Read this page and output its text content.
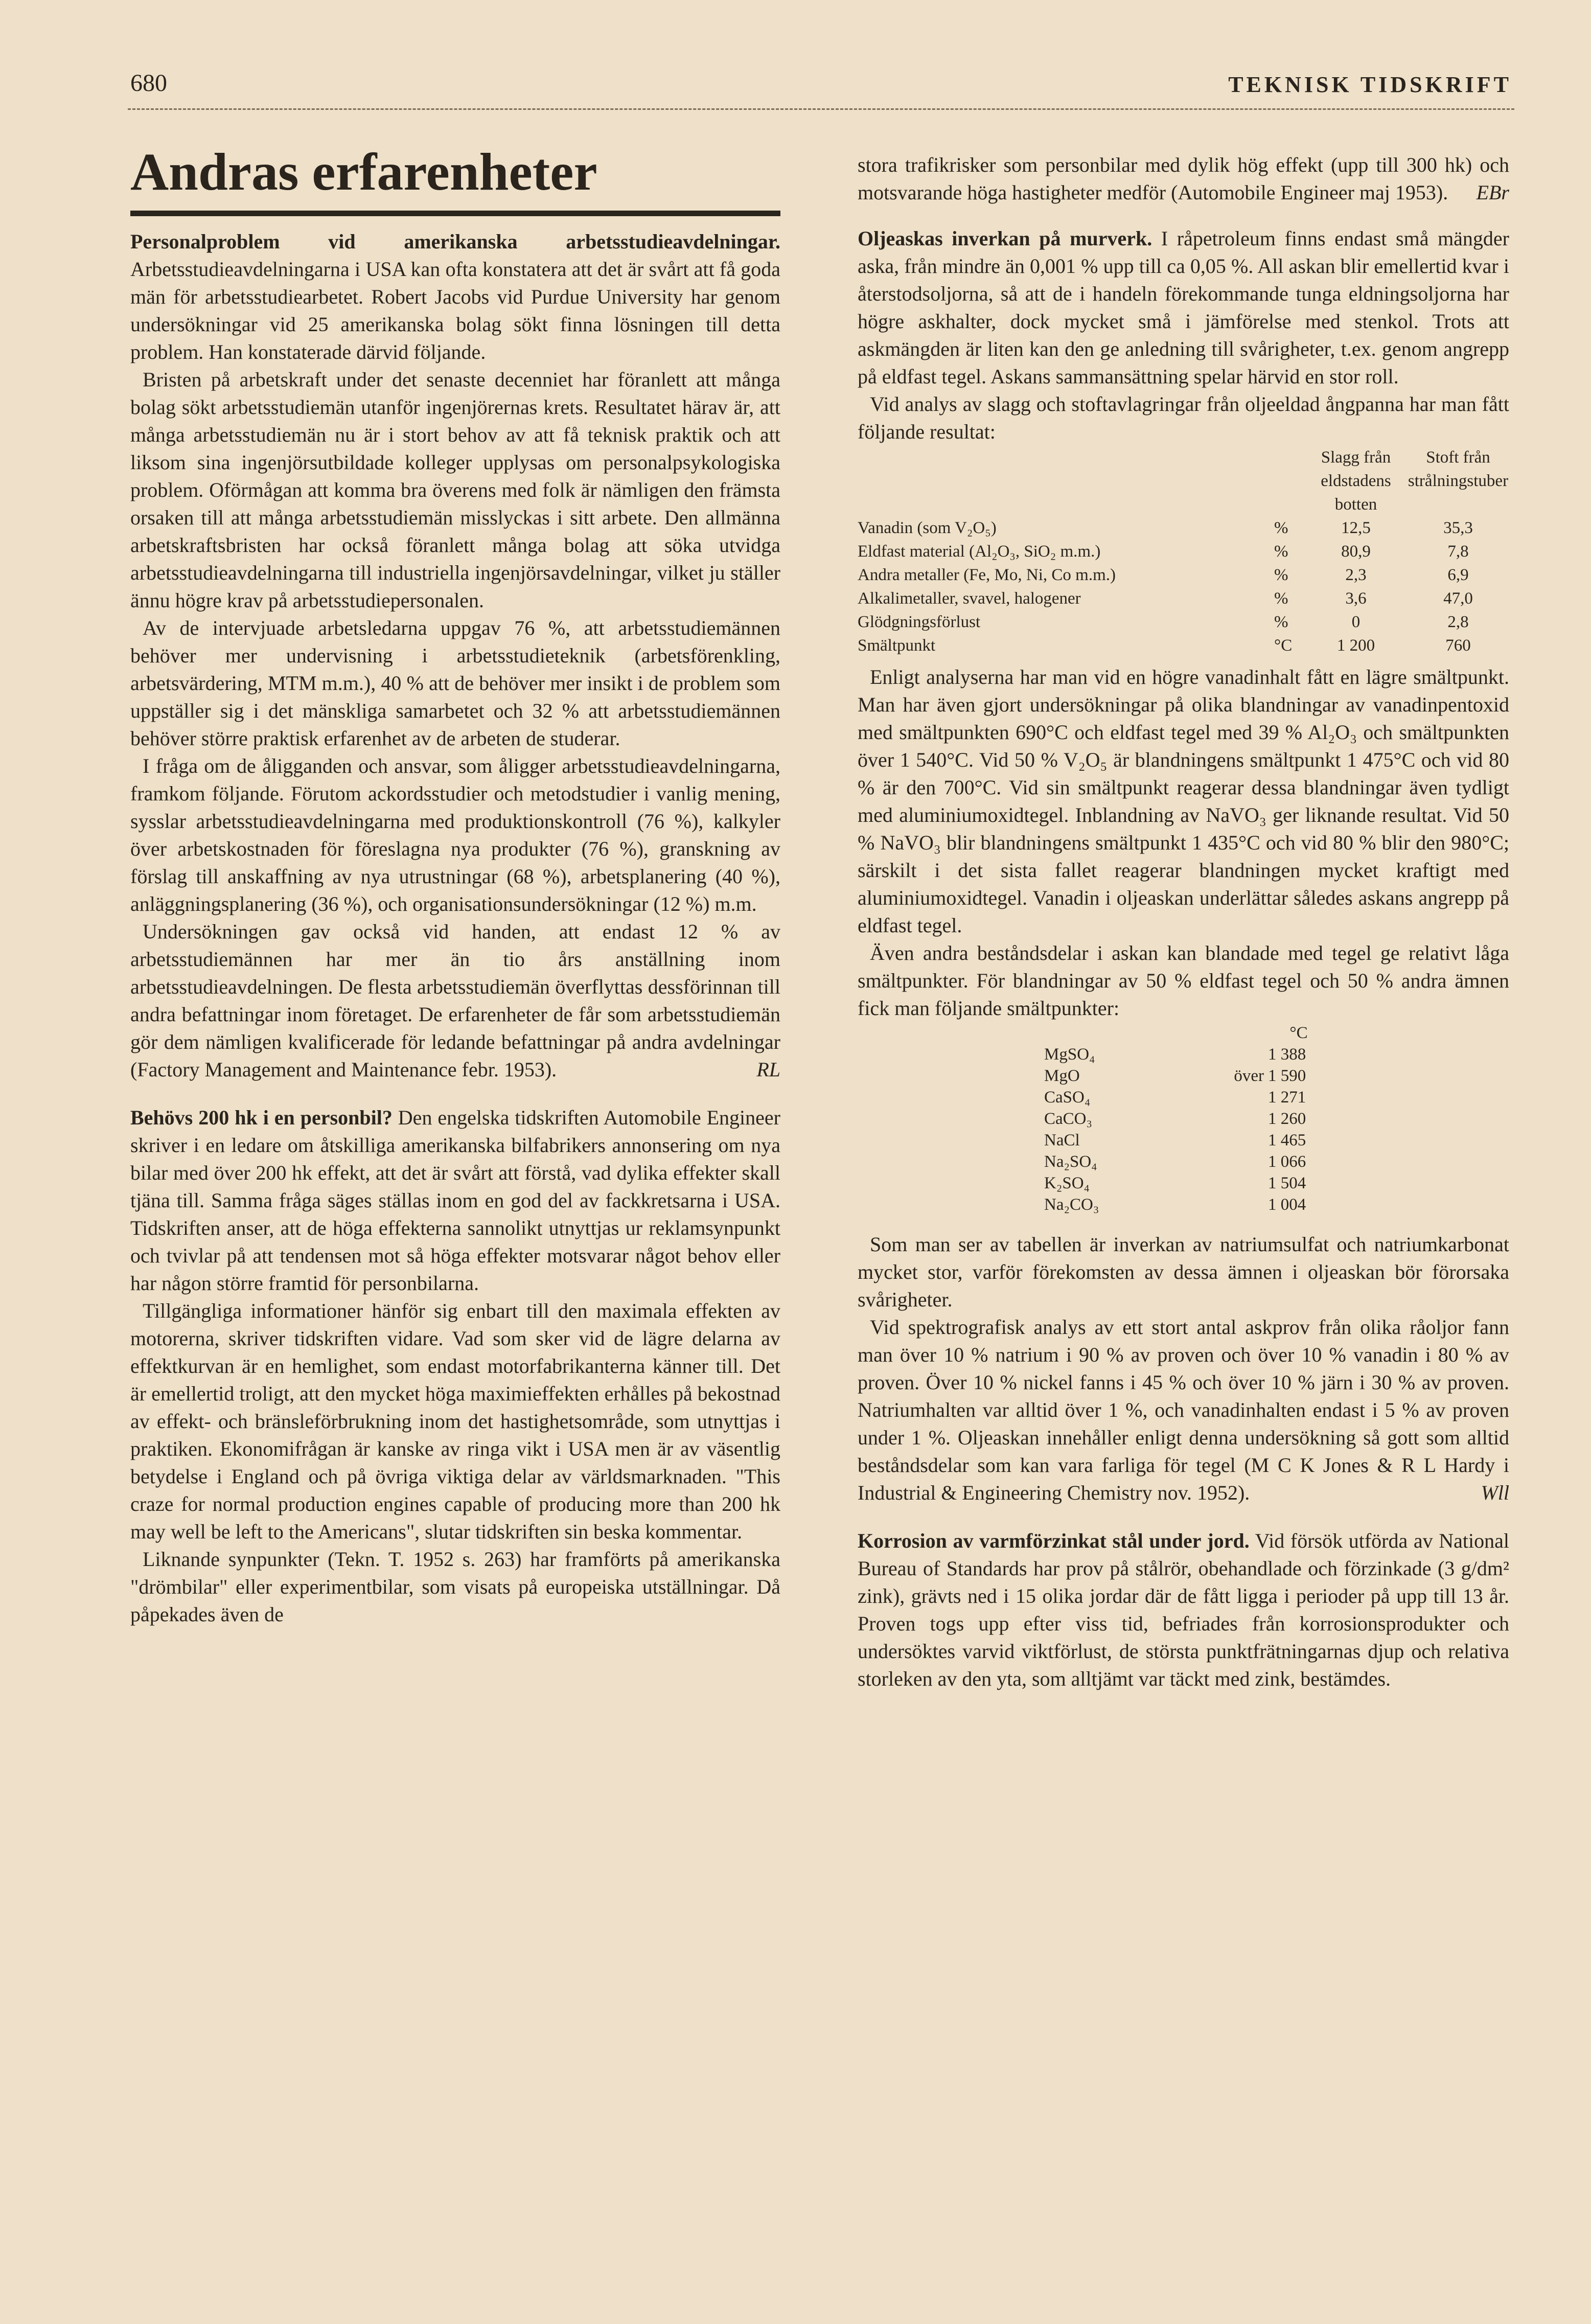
680	TEKNISK TIDSKRIFT
Andras erfarenheter

Personalproblem vid amerikanska arbetsstudieavdelningar. Arbetsstudieavdelningarna i USA kan ofta konstatera att det är svårt att få goda män för arbetsstudiearbetet. Robert Jacobs vid Purdue University har genom undersökningar vid 25 amerikanska bolag sökt finna lösningen till detta problem. Han konstaterade därvid följande.

Bristen på arbetskraft under det senaste decenniet har föranlett att många bolag sökt arbetsstudiemän utanför ingenjörernas krets. Resultatet härav är, att många arbetsstudiemän nu är i stort behov av att få teknisk praktik och att liksom sina ingenjörsutbildade kolleger upplysas om personalpsykologiska problem. Oförmågan att komma bra överens med folk är nämligen den främsta orsaken till att många arbetsstudiemän misslyckas i sitt arbete. Den allmänna arbetskraftsbristen har också föranlett många bolag att söka utvidga arbetsstudieavdelningarna till industriella ingenjörsavdelningar, vilket ju ställer ännu högre krav på arbetsstudiepersonalen.

Av de intervjuade arbetsledarna uppgav 76 %, att arbetsstudiemännen behöver mer undervisning i arbetsstudieteknik (arbetsförenkling, arbetsvärdering, MTM m.m.), 40 % att de behöver mer insikt i de problem som uppställer sig i det mänskliga samarbetet och 32 % att arbetsstudiemännen behöver större praktisk erfarenhet av de arbeten de studerar.

I fråga om de åligganden och ansvar, som åligger arbetsstudieavdelningarna, framkom följande. Förutom ackordsstudier och metodstudier i vanlig mening, sysslar arbetsstudieavdelningarna med produktionskontroll (76 %), kalkyler över arbetskostnaden för föreslagna nya produkter (76 %), granskning av förslag till anskaffning av nya utrustningar (68 %), arbetsplanering (40 %), anläggningsplanering (36 %), och organisationsundersökningar (12 %) m.m.

Undersökningen gav också vid handen, att endast 12 % av arbetsstudiemännen har mer än tio års anställning inom arbetsstudieavdelningen. De flesta arbetsstudiemän överflyttas dessförinnan till andra befattningar inom företaget. De erfarenheter de får som arbetsstudiemän gör dem nämligen kvalificerade för ledande befattningar på andra avdelningar (Factory Management and Maintenance febr. 1953).	RL

Behövs 200 hk i en personbil? Den engelska tidskriften Automobile Engineer skriver i en ledare om åtskilliga amerikanska bilfabrikers annonsering om nya bilar med över 200 hk effekt, att det är svårt att förstå, vad dylika effekter skall tjäna till. Samma fråga säges ställas inom en god del av fackkretsarna i USA. Tidskriften anser, att de höga effekterna sannolikt utnyttjas ur reklamsynpunkt och tvivlar på att tendensen mot så höga effekter motsvarar något behov eller har någon större framtid för personbilarna.

Tillgängliga informationer hänför sig enbart till den maximala effekten av motorerna, skriver tidskriften vidare. Vad som sker vid de lägre delarna av effektkurvan är en hemlighet, som endast motorfabrikanterna känner till. Det är emellertid troligt, att den mycket höga maximieffekten erhålles på bekostnad av effekt- och bränsleförbrukning inom det hastighetsområde, som utnyttjas i praktiken. Ekonomifrågan är kanske av ringa vikt i USA men är av väsentlig betydelse i England och på övriga viktiga delar av världsmarknaden. "This craze for normal production engines capable of producing more than 200 hk may well be left to the Americans", slutar tidskriften sin beska kommentar.

Liknande synpunkter (Tekn. T. 1952 s. 263) har framförts på amerikanska "drömbilar" eller experimentbilar, som visats på europeiska utställningar. Då påpekades även de

stora trafikrisker som personbilar med dylik hög effekt (upp till 300 hk) och motsvarande höga hastigheter medför (Automobile Engineer maj 1953).	EBr

Oljeaskas inverkan på murverk. I råpetroleum finns endast små mängder aska, från mindre än 0,001 % upp till ca 0,05 %. All askan blir emellertid kvar i återstodsoljorna, så att de i handeln förekommande tunga eldningsoljorna har högre askhalter, dock mycket små i jämförelse med stenkol. Trots att askmängden är liten kan den ge anledning till svårigheter, t.ex. genom angrepp på eldfast tegel. Askans sammansättning spelar härvid en stor roll.

Vid analys av slagg och stoftavlagringar från oljeeldad ångpanna har man fått följande resultat:

		Slagg från eldstadens botten	Stoft från strålningstuber
Vanadin (som V₂O₅)	%	12,5	35,3
Eldfast material (Al₂O₃, SiO₂ m.m.)	%	80,9	7,8
Andra metaller (Fe, Mo, Ni, Co m.m.)	%	2,3	6,9
Alkalimetaller, svavel, halogener	%	3,6	47,0
Glödgningsförlust	%	0	2,8
Smältpunkt	°C	1 200	760

Enligt analyserna har man vid en högre vanadinhalt fått en lägre smältpunkt. Man har även gjort undersökningar på olika blandningar av vanadinpentoxid med smältpunkten 690°C och eldfast tegel med 39 % Al₂O₃ och smältpunkten över 1 540°C. Vid 50 % V₂O₅ är blandningens smältpunkt 1 475°C och vid 80 % är den 700°C. Vid sin smältpunkt reagerar dessa blandningar även tydligt med aluminiumoxidtegel. Inblandning av NaVO₃ ger liknande resultat. Vid 50 % NaVO₃ blir blandningens smältpunkt 1 435°C och vid 80 % blir den 980°C; särskilt i det sista fallet reagerar blandningen mycket kraftigt med aluminiumoxidtegel. Vanadin i oljeaskan underlättar således askans angrepp på eldfast tegel.

Även andra beståndsdelar i askan kan blandade med tegel ge relativt låga smältpunkter. För blandningar av 50 % eldfast tegel och 50 % andra ämnen fick man följande smältpunkter:

		°C
MgSO₄		1 388
MgO	över	1 590
CaSO₄		1 271
CaCO₃		1 260
NaCl		1 465
Na₂SO₄		1 066
K₂SO₄		1 504
Na₂CO₃		1 004

Som man ser av tabellen är inverkan av natriumsulfat och natriumkarbonat mycket stor, varför förekomsten av dessa ämnen i oljeaskan bör förorsaka svårigheter.

Vid spektrografisk analys av ett stort antal askprov från olika råoljor fann man över 10 % natrium i 90 % av proven och över 10 % vanadin i 80 % av proven. Över 10 % nickel fanns i 45 % och över 10 % järn i 30 % av proven. Natriumhalten var alltid över 1 %, och vanadinhalten endast i 5 % av proven under 1 %. Oljeaskan innehåller enligt denna undersökning så gott som alltid beståndsdelar som kan vara farliga för tegel (M C K Jones & R L Hardy i Industrial & Engineering Chemistry nov. 1952).	Wll

Korrosion av varmförzinkat stål under jord. Vid försök utförda av National Bureau of Standards har prov på stålrör, obehandlade och förzinkade (3 g/dm² zink), grävts ned i 15 olika jordar där de fått ligga i perioder på upp till 13 år. Proven togs upp efter viss tid, befriades från korrosionsprodukter och undersöktes varvid viktförlust, de största punktfrätningarnas djup och relativa storleken av den yta, som alltjämt var täckt med zink, bestämdes.
